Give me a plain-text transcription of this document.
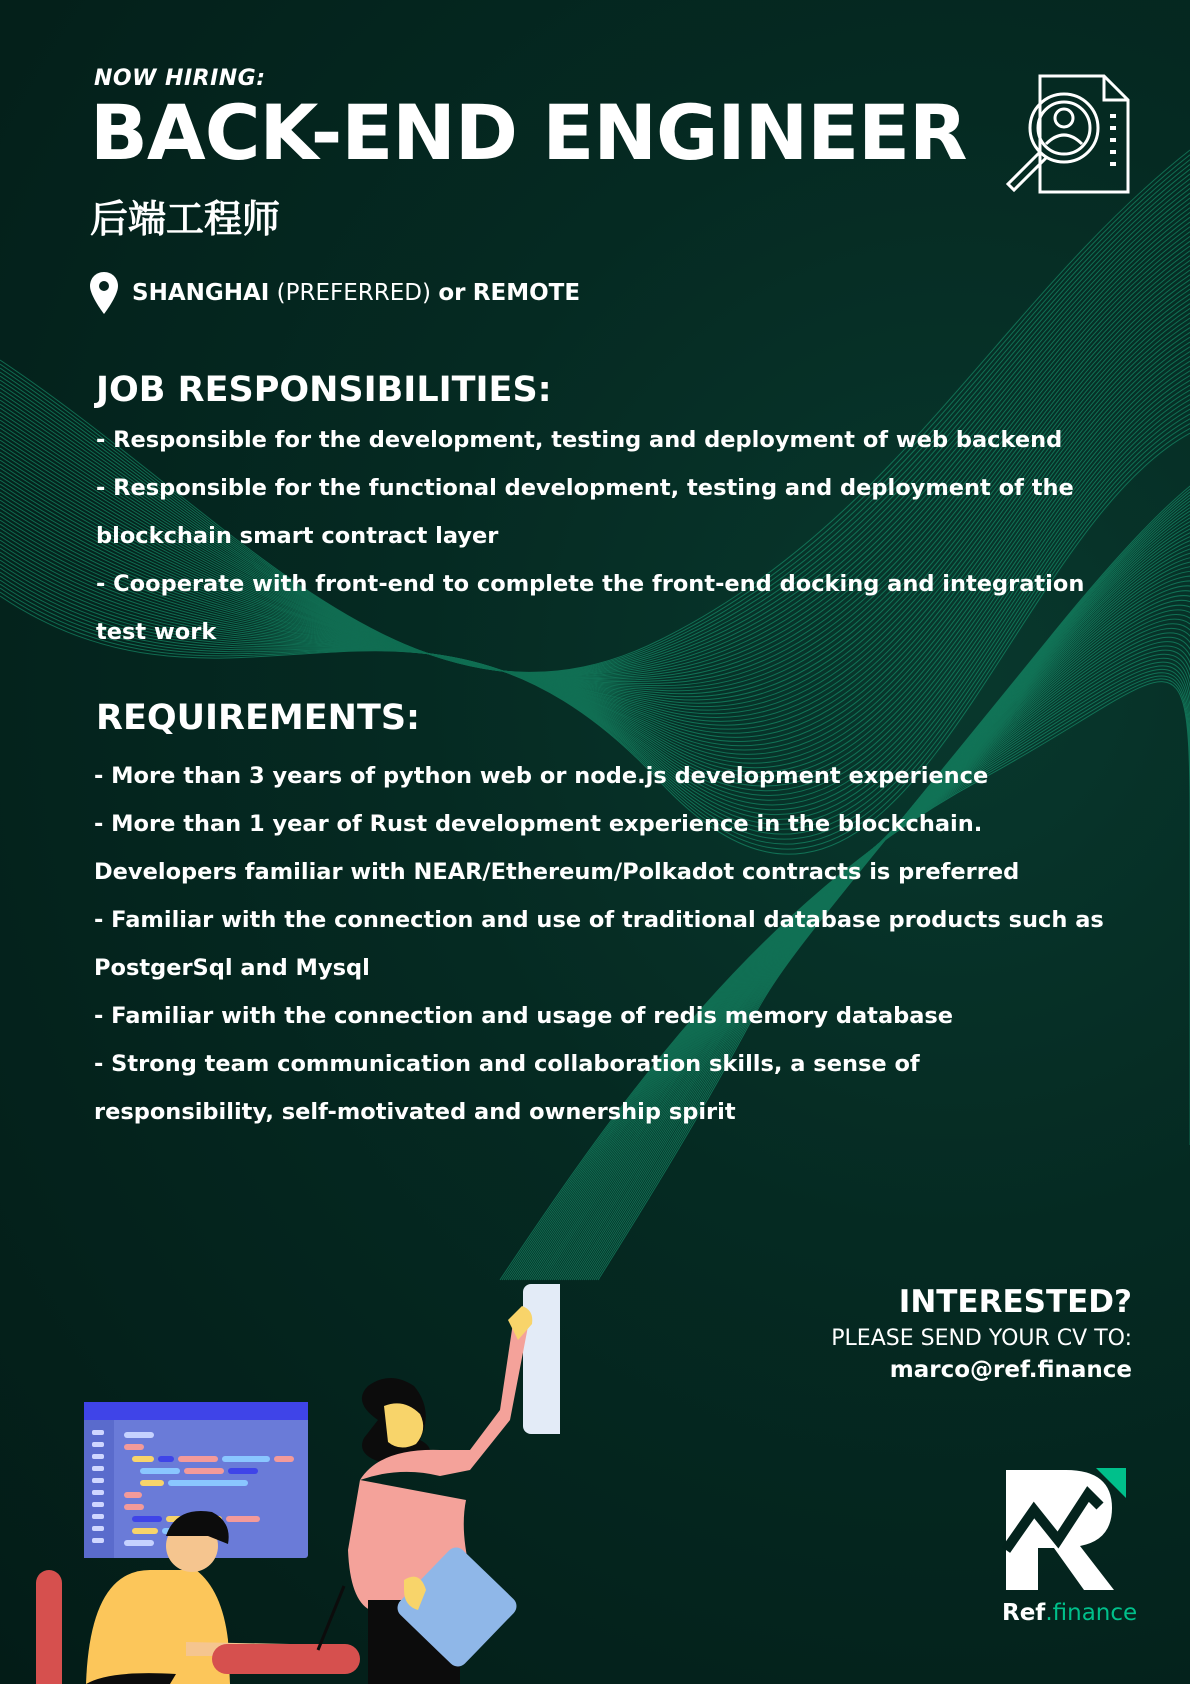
NOW HIRING:
BACK-END ENGINEER
后端工程师
SHANGHAI (PREFERRED) or REMOTE
JOB RESPONSIBILITIES:
- Responsible for the development, testing and deployment of web backend
- Responsible for the functional development, testing and deployment of the blockchain smart contract layer
- Cooperate with front-end to complete the front-end docking and integration test work
REQUIREMENTS:
- More than 3 years of python web or node.js development experience
- More than 1 year of Rust development experience in the blockchain. Developers familiar with NEAR/Ethereum/Polkadot contracts is preferred
- Familiar with the connection and use of traditional database products such as PostgerSql and Mysql
- Familiar with the connection and usage of redis memory database
- Strong team communication and collaboration skills, a sense of responsibility, self-motivated and ownership spirit
INTERESTED?
PLEASE SEND YOUR CV TO:
marco@ref.finance
Ref.finance
